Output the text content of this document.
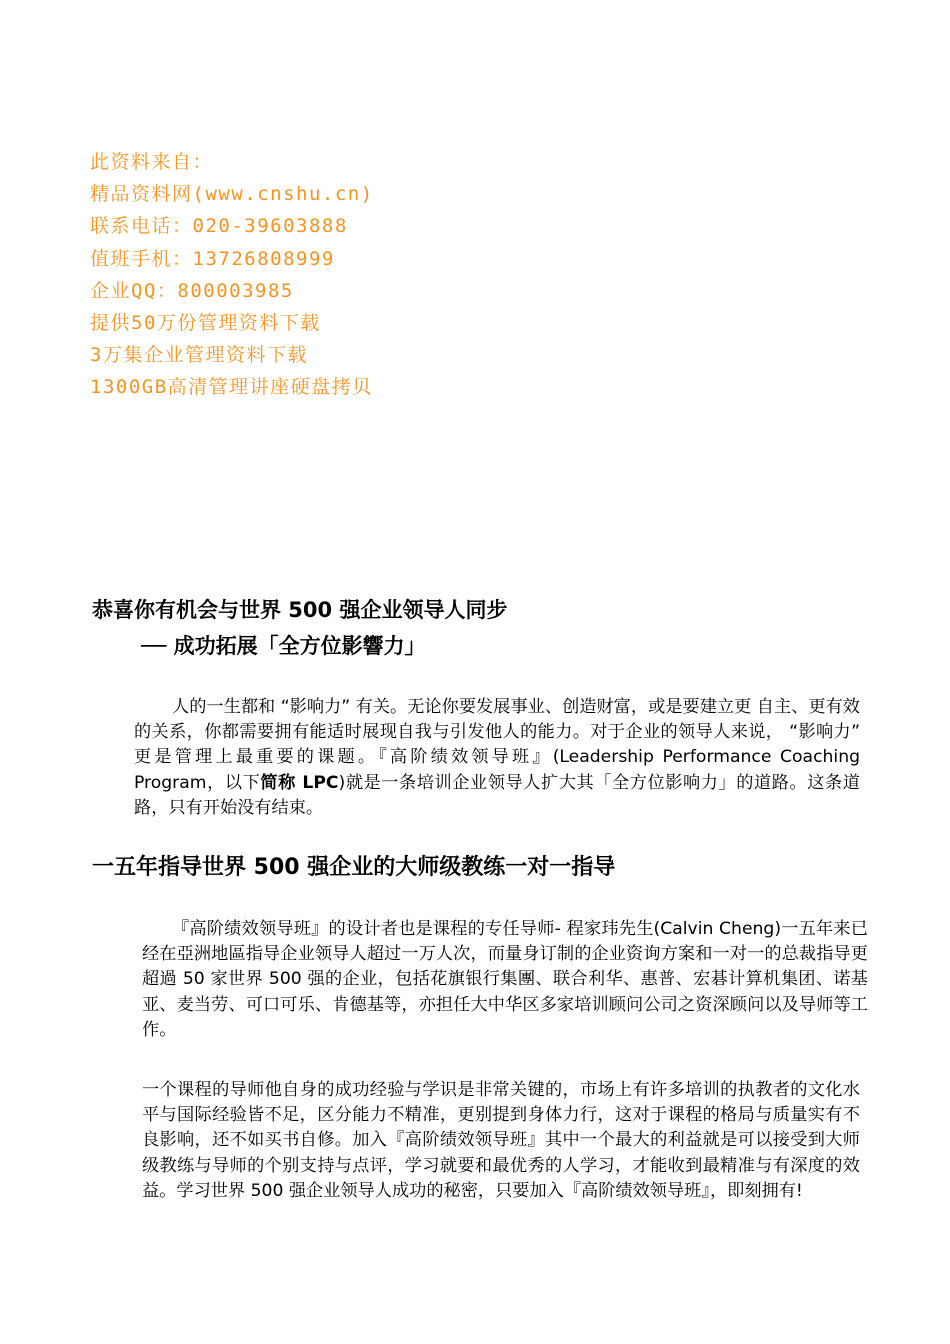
此资料来自：
精品资料网(www.cnshu.cn)
联系电话：020-39603888
值班手机：13726808999
企业QQ：800003985
提供50万份管理资料下载
3万集企业管理资料下载
1300GB高清管理讲座硬盘拷贝
恭喜你有机会与世界 500 强企业领导人同步
── 成功拓展「全方位影響力」
人的一生都和 “影响力” 有关。无论你要发展事业、创造财富，或是要建立更 自主、更有效的关系，你都需要拥有能适时展现自我与引发他人的能力。对于企业的领导人来说， “影响力” 更是管理上最重要的课题。『高阶绩效领导班』(Leadership Performance Coaching Program，以下简称 LPC)就是一条培训企业领导人扩大其「全方位影响力」的道路。这条道路，只有开始没有结束。
一五年指导世界 500 强企业的大师级教练一对一指导
『高阶绩效领导班』的设计者也是课程的专任导师- 程家玮先生(Calvin Cheng)一五年来已经在亞洲地區指导企业领导人超过一万人次，而量身订制的企业资询方案和一对一的总裁指导更超過 50 家世界 500 强的企业，包括花旗银行集團、联合利华、惠普、宏碁计算机集团、诺基亚、麦当劳、可口可乐、肯德基等，亦担任大中华区多家培训顾问公司之资深顾问以及导师等工作。
一个课程的导师他自身的成功经验与学识是非常关键的，市场上有许多培训的执教者的文化水平与国际经验皆不足，区分能力不精准，更别提到身体力行，这对于课程的格局与质量实有不良影响，还不如买书自修。加入『高阶绩效领导班』其中一个最大的利益就是可以接受到大师级教练与导师的个别支持与点评，学习就要和最优秀的人学习，才能收到最精准与有深度的效益。学习世界 500 强企业领导人成功的秘密，只要加入『高阶绩效领导班』，即刻拥有!
